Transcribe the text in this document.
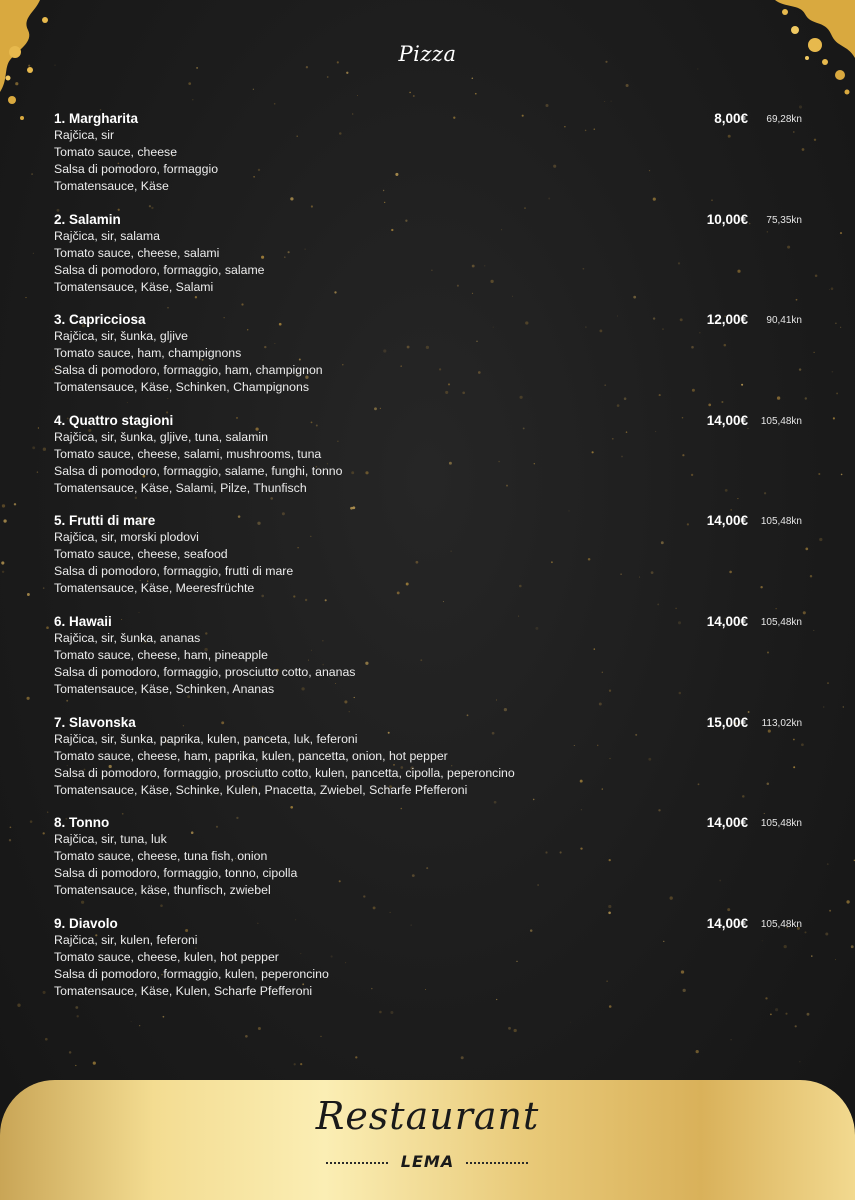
Pizza
1. Margharita
Rajčica, sir
Tomato sauce, cheese
Salsa di pomodoro, formaggio
Tomatensauce, Käse
8,00€	69,28kn
2. Salamin
Rajčica, sir, salama
Tomato sauce, cheese, salami
Salsa di pomodoro, formaggio, salame
Tomatensauce, Käse, Salami
10,00€	75,35kn
3. Capricciosa
Rajčica, sir, šunka, gljive
Tomato sauce, ham, champignons
Salsa di pomodoro, formaggio, ham, champignon
Tomatensauce, Käse, Schinken, Champignons
12,00€	90,41kn
4. Quattro stagioni
Rajčica, sir, šunka, gljive, tuna, salamin
Tomato sauce, cheese, salami, mushrooms, tuna
Salsa di pomodoro, formaggio, salame, funghi, tonno
Tomatensauce, Käse, Salami, Pilze, Thunfisch
14,00€	105,48kn
5. Frutti di mare
Rajčica, sir, morski plodovi
Tomato sauce, cheese, seafood
Salsa di pomodoro, formaggio, frutti di mare
Tomatensauce, Käse, Meeresfrüchte
14,00€	105,48kn
6. Hawaii
Rajčica, sir, šunka, ananas
Tomato sauce, cheese, ham, pineapple
Salsa di pomodoro, formaggio, prosciutto cotto, ananas
Tomatensauce, Käse, Schinken, Ananas
14,00€	105,48kn
7. Slavonska
Rajčica, sir, šunka, paprika, kulen, panceta, luk, feferoni
Tomato sauce, cheese, ham, paprika, kulen, pancetta, onion, hot pepper
Salsa di pomodoro, formaggio, prosciutto cotto, kulen, pancetta, cipolla, peperoncino
Tomatensauce, Käse, Schinke, Kulen, Pnacetta, Zwiebel, Scharfe Pfefferoni
15,00€	113,02kn
8. Tonno
Rajčica, sir, tuna, luk
Tomato sauce, cheese, tuna fish, onion
Salsa di pomodoro, formaggio, tonno, cipolla
Tomatensauce, käse, thunfisch, zwiebel
14,00€	105,48kn
9. Diavolo
Rajčica, sir, kulen, feferoni
Tomato sauce, cheese, kulen, hot pepper
Salsa di pomodoro, formaggio, kulen, peperoncino
Tomatensauce, Käse, Kulen, Scharfe Pfefferoni
14,00€	105,48kn
Restaurant
LEMA
